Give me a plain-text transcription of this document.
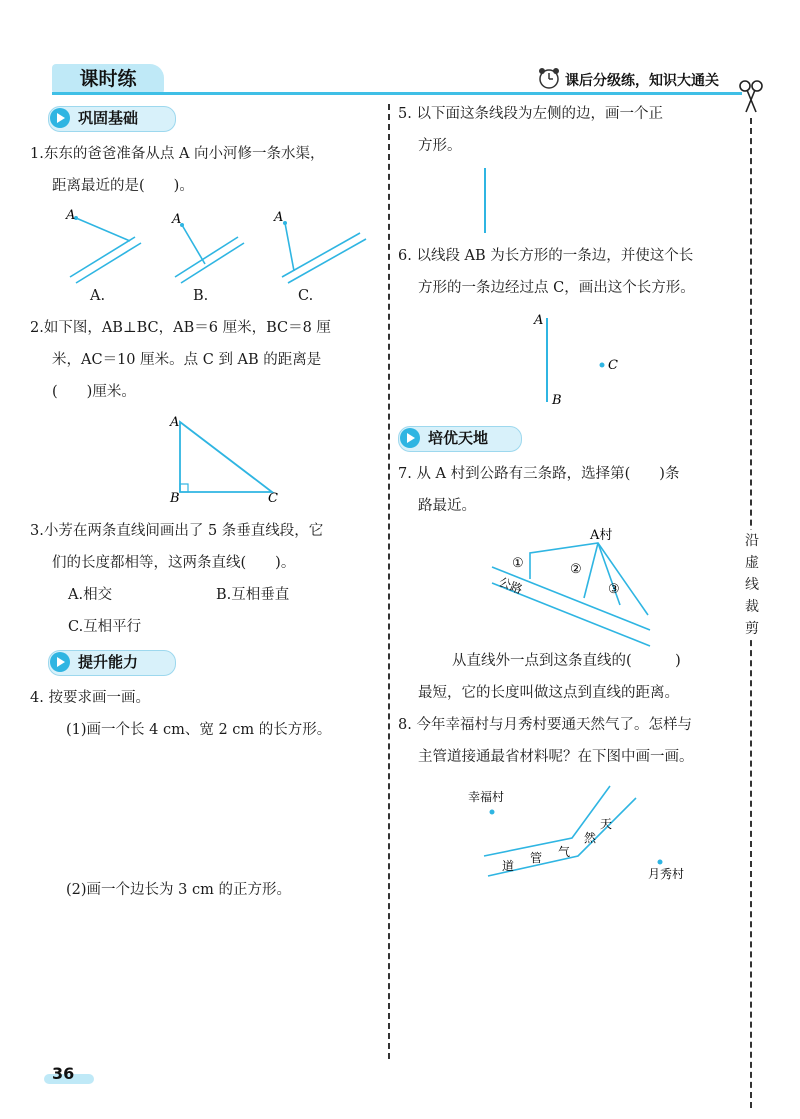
课时练	课后分级练，知识大通关
沿
虚
线
裁
剪
巩固基础
1.东东的爸爸准备从点 A 向小河修一条水渠，
距离最近的是(　　)。
A	A	A
A.	B.	C.
2.如下图，AB⊥BC，AB＝6 厘米，BC＝8 厘
米，AC＝10 厘米。点 C 到 AB 的距离是
(　　)厘米。
A
B	C
3.小芳在两条直线间画出了 5 条垂直线段，它
们的长度都相等，这两条直线(　　)。
A.相交	B.互相垂直
C.互相平行
提升能力
4. 按要求画一画。
(1)画一个长 4 cm、宽 2 cm 的长方形。
(2)画一个边长为 3 cm 的正方形。
36
5. 以下面这条线段为左侧的边，画一个正
方形。
6. 以线段 AB 为长方形的一条边，并使这个长
方形的一条边经过点 C，画出这个长方形。
A
B
C
培优天地
7. 从 A 村到公路有三条路，选择第(　　)条
路最近。
A村
公路
①	②
③
从直线外一点到这条直线的(　　　)
最短，它的长度叫做这点到直线的距离。
8. 今年幸福村与月秀村要通天然气了。怎样与
主管道接通最省材料呢？在下图中画一画。
幸福村
月秀村
道
管 气
然
天
